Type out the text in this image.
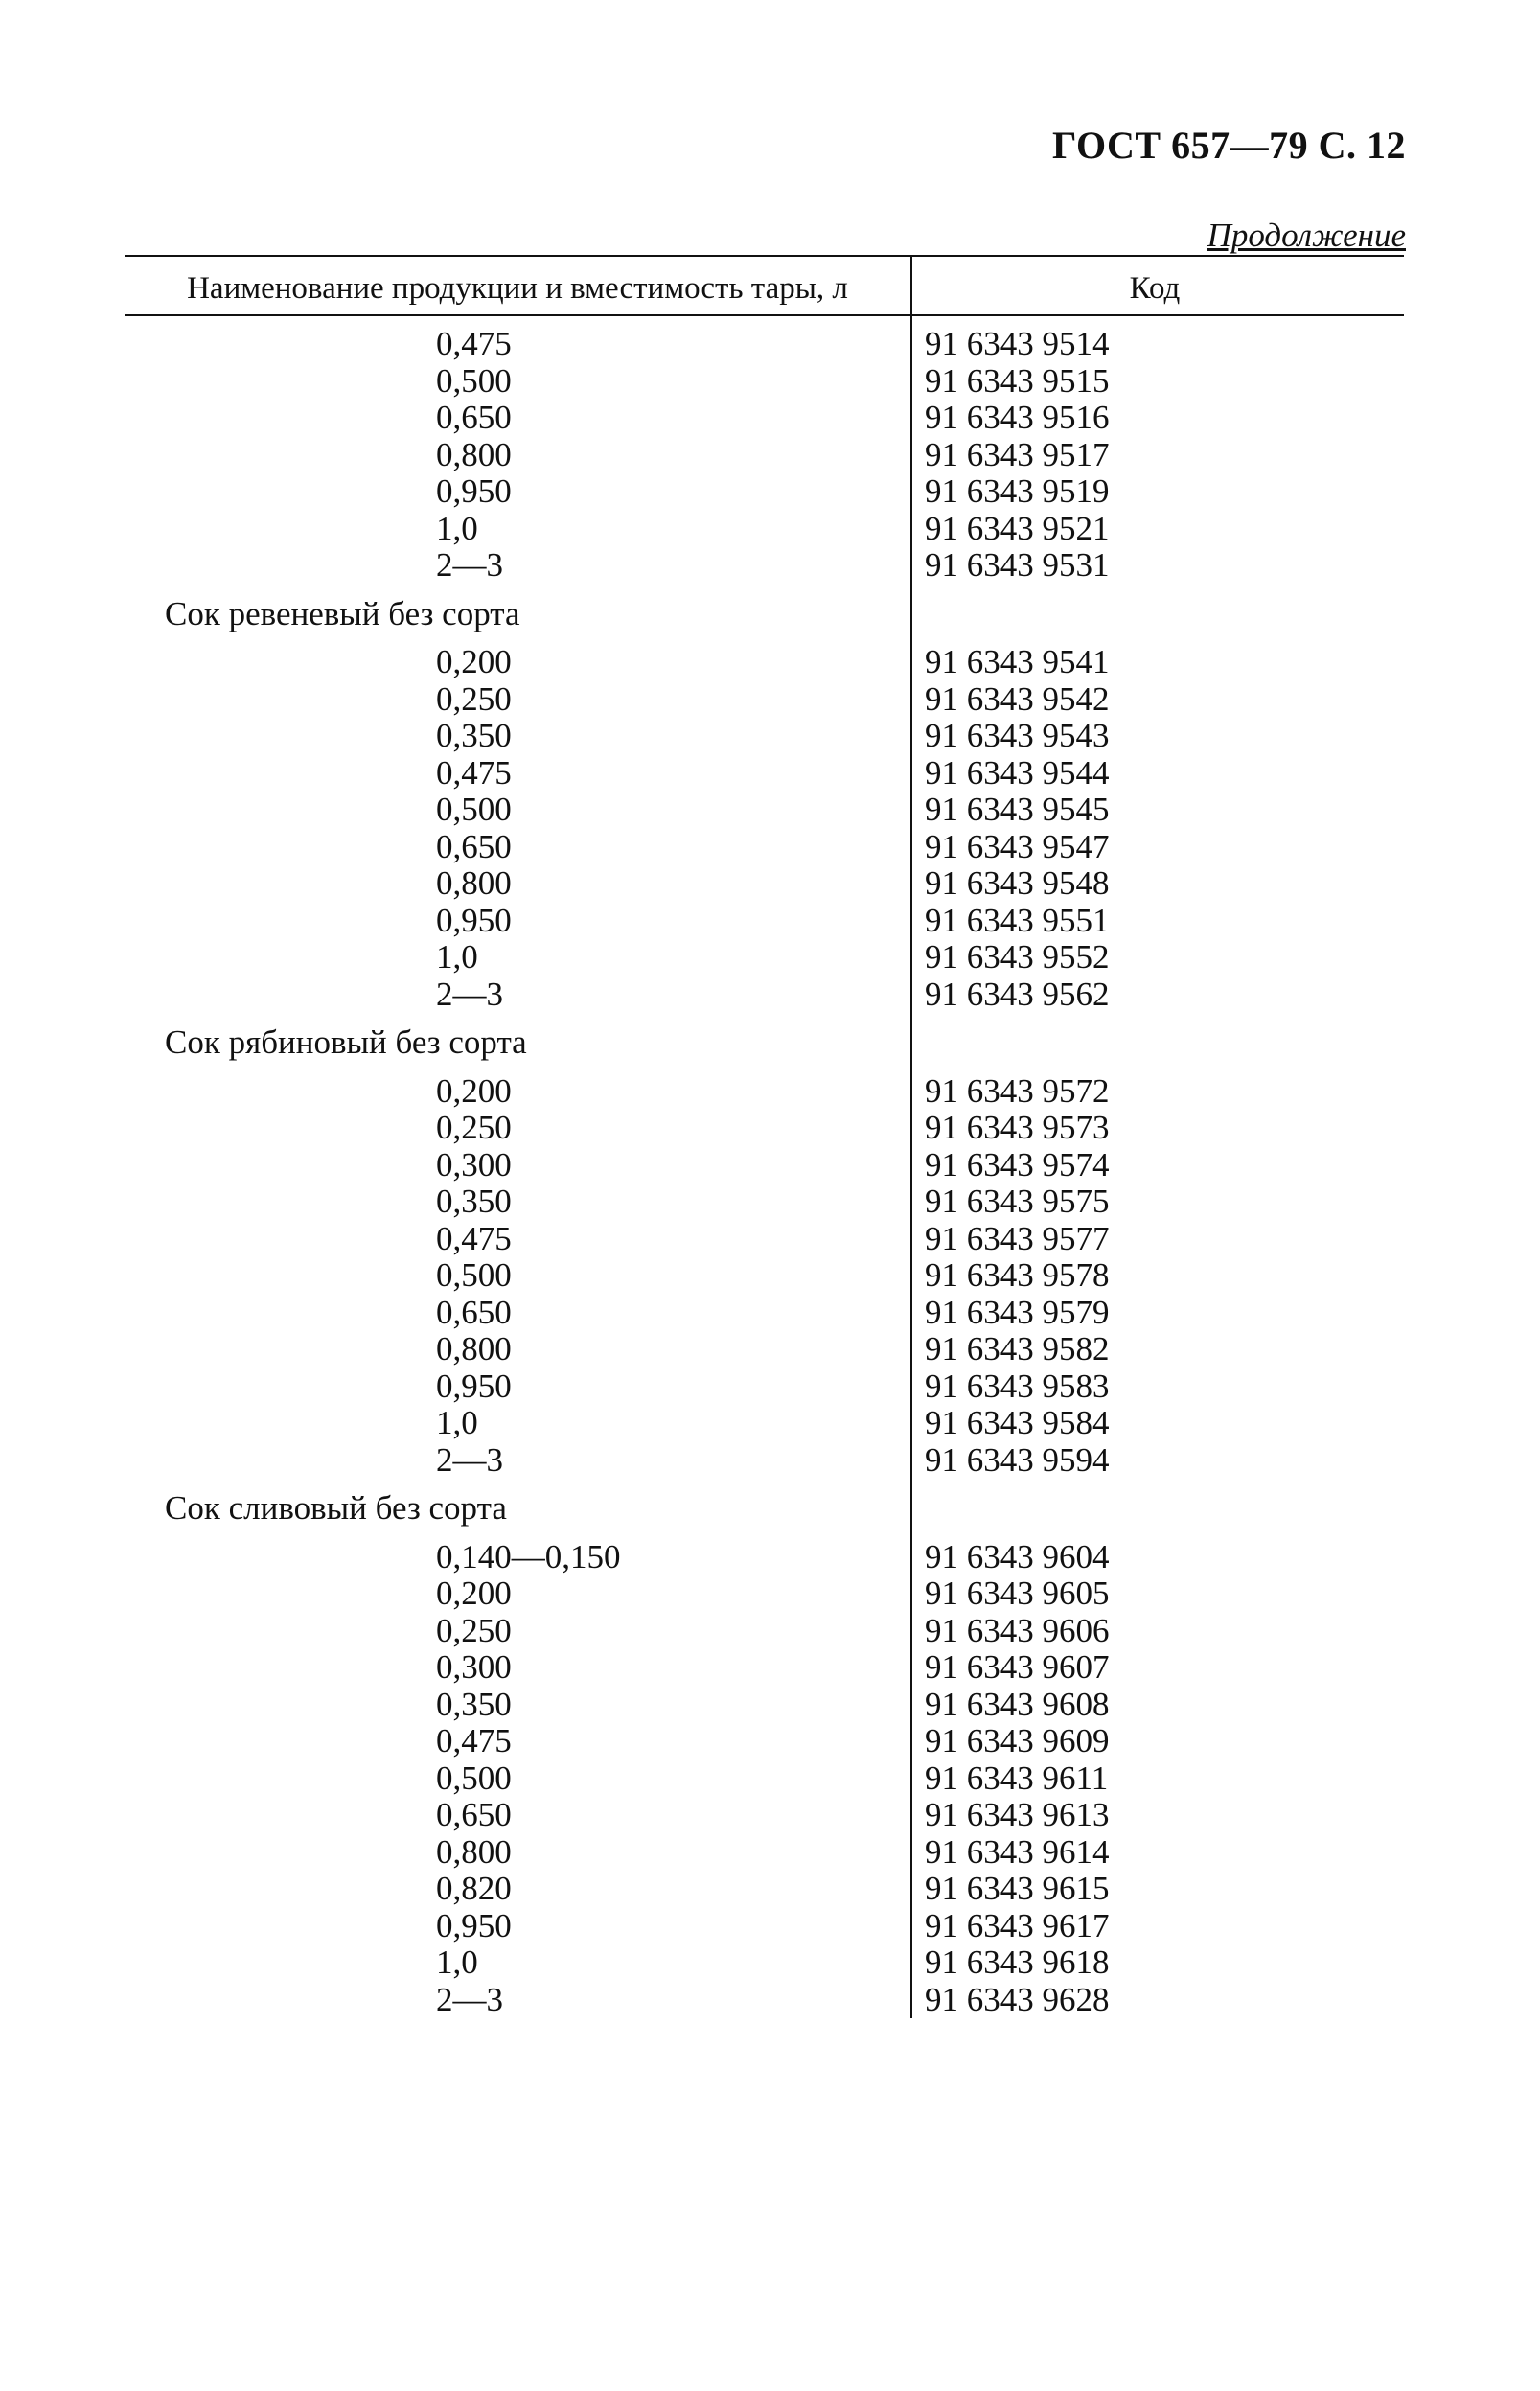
ГОСТ 657—79 С. 12
Продолжение
Наименование продукции и вместимость тары, л	Код
0,475	91 6343 9514
0,500	91 6343 9515
0,650	91 6343 9516
0,800	91 6343 9517
0,950	91 6343 9519
1,0	91 6343 9521
2—3	91 6343 9531
Сок ревеневый без сорта
0,200	91 6343 9541
0,250	91 6343 9542
0,350	91 6343 9543
0,475	91 6343 9544
0,500	91 6343 9545
0,650	91 6343 9547
0,800	91 6343 9548
0,950	91 6343 9551
1,0	91 6343 9552
2—3	91 6343 9562
Сок рябиновый без сорта
0,200	91 6343 9572
0,250	91 6343 9573
0,300	91 6343 9574
0,350	91 6343 9575
0,475	91 6343 9577
0,500	91 6343 9578
0,650	91 6343 9579
0,800	91 6343 9582
0,950	91 6343 9583
1,0	91 6343 9584
2—3	91 6343 9594
Сок сливовый без сорта
0,140—0,150	91 6343 9604
0,200	91 6343 9605
0,250	91 6343 9606
0,300	91 6343 9607
0,350	91 6343 9608
0,475	91 6343 9609
0,500	91 6343 9611
0,650	91 6343 9613
0,800	91 6343 9614
0,820	91 6343 9615
0,950	91 6343 9617
1,0	91 6343 9618
2—3	91 6343 9628
